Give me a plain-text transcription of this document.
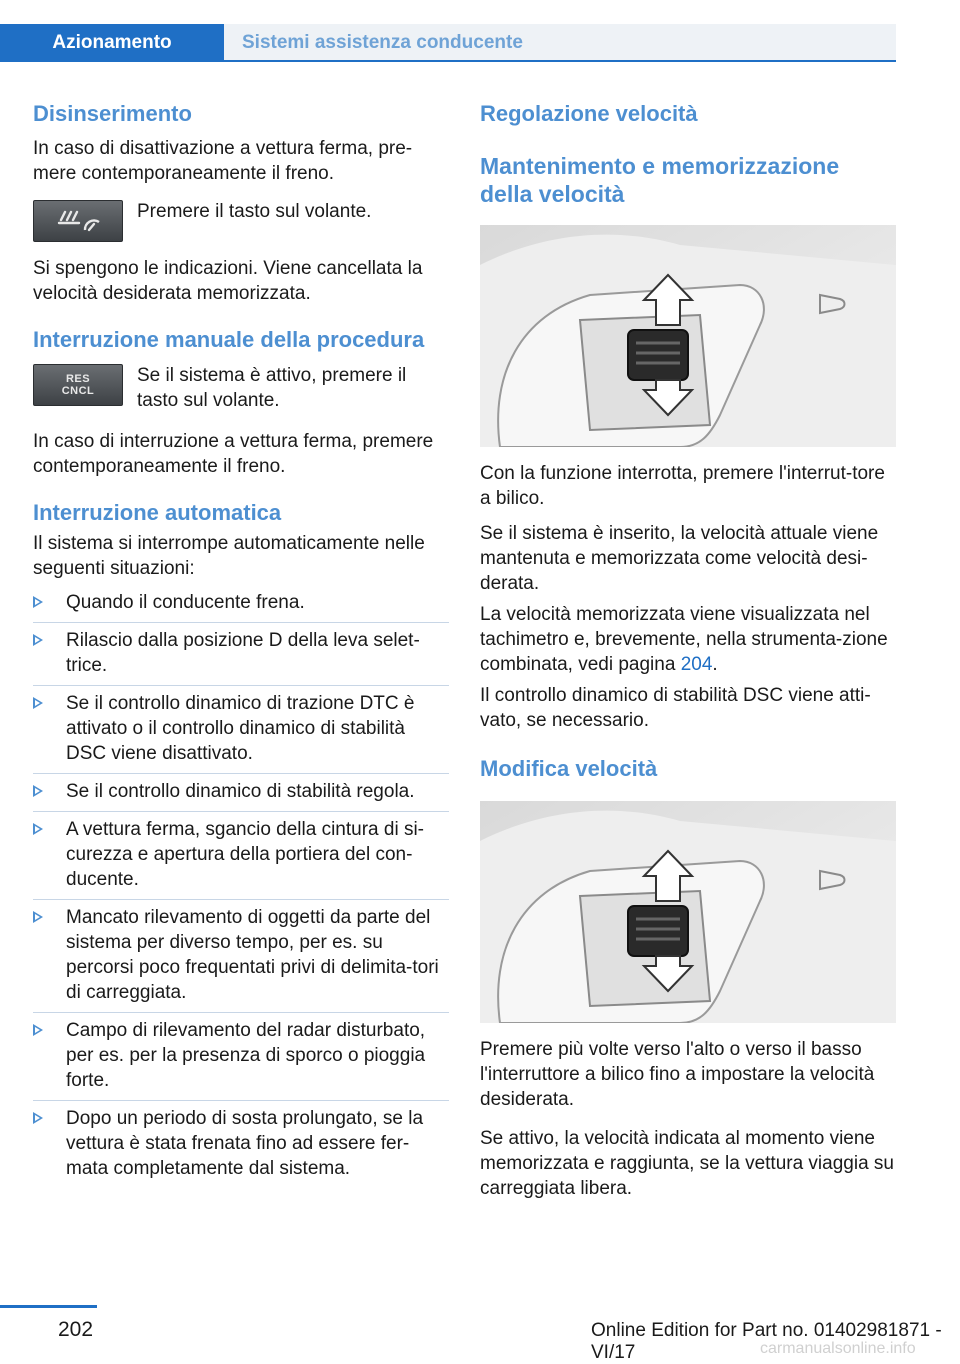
Azionamento	Sistemi assistenza conducente
Disinserimento

In caso di disattivazione a vettura ferma, pre‐mere contemporaneamente il freno.

Premere il tasto sul volante.

Si spengono le indicazioni. Viene cancellata la velocità desiderata memorizzata.

Interruzione manuale della procedura
RES
CNCL

Se il sistema è attivo, premere il tasto sul volante.

In caso di interruzione a vettura ferma, premere contemporaneamente il freno.

Interruzione automatica

Il sistema si interrompe automaticamente nelle seguenti situazioni:

Quando il conducente frena.
Rilascio dalla posizione D della leva selet‐trice.
Se il controllo dinamico di trazione DTC è attivato o il controllo dinamico di stabilità DSC viene disattivato.
Se il controllo dinamico di stabilità regola.
A vettura ferma, sgancio della cintura di si‐curezza e apertura della portiera del con‐ducente.
Mancato rilevamento di oggetti da parte del sistema per diverso tempo, per es. su percorsi poco frequentati privi di delimita‐tori di carreggiata.
Campo di rilevamento del radar disturbato, per es. per la presenza di sporco o pioggia forte.
Dopo un periodo di sosta prolungato, se la vettura è stata frenata fino ad essere fer‐mata completamente dal sistema.
Regolazione velocità
Mantenimento e memorizzazione della velocità

Con la funzione interrotta, premere l'interrut‐tore a bilico.

Se il sistema è inserito, la velocità attuale viene mantenuta e memorizzata come velocità desi‐derata.

La velocità memorizzata viene visualizzata nel tachimetro e, brevemente, nella strumenta‐zione combinata, vedi pagina 204.

Il controllo dinamico di stabilità DSC viene atti‐vato, se necessario.

Modifica velocità

Premere più volte verso l'alto o verso il basso l'interruttore a bilico fino a impostare la velocità desiderata.

Se attivo, la velocità indicata al momento viene memorizzata e raggiunta, se la vettura viaggia su carreggiata libera.

202	Online Edition for Part no. 01402981871 - VI/17	carmanualsonline.info
